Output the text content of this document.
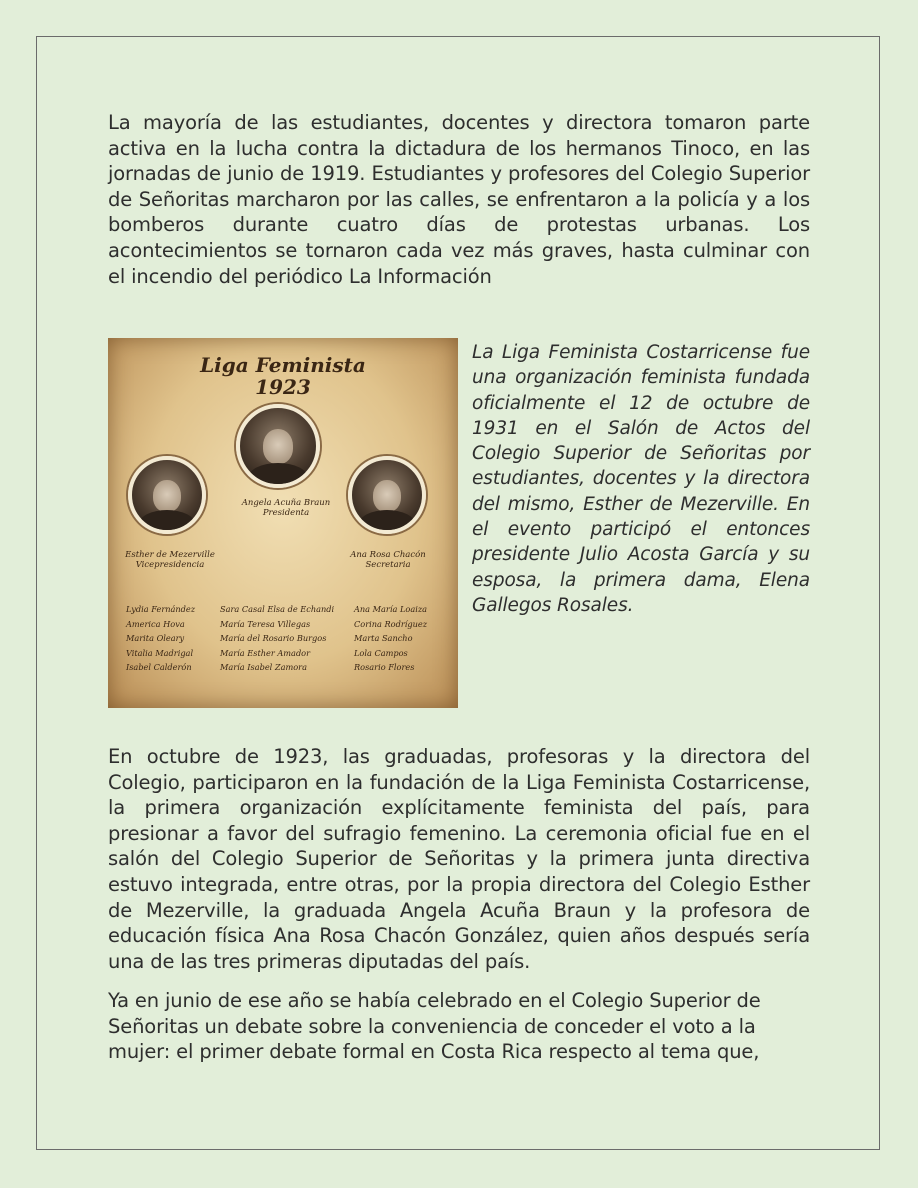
La mayoría de las estudiantes, docentes y directora tomaron parte activa en la lucha contra la dictadura de los hermanos Tinoco, en las jornadas de junio de 1919. Estudiantes y profesores del Colegio Superior de Señoritas marcharon por las calles, se enfrentaron a la policía y a los bomberos durante cuatro días de protestas urbanas. Los acontecimientos se tornaron cada vez más graves, hasta culminar con el incendio del periódico La Información

Liga Feminista
1923
Angela Acuña Braun
Presidenta
Esther de Mezerville
Vicepresidencia
Ana Rosa Chacón
Secretaria
Lydia Fernández
America Hova
Marita Oleary
Vitalia Madrigal
Isabel Calderón
Sara Casal Elsa de Echandi
María Teresa Villegas
María del Rosario Burgos
María Esther Amador
María Isabel Zamora
Ana María Loaiza
Corina Rodríguez
Marta Sancho
Lola Campos
Rosario Flores

La Liga Feminista Costarricense fue una organización feminista fundada oficialmente el 12 de octubre de 1931 en el Salón de Actos del Colegio Superior de Señoritas por estudiantes, docentes y la directora del mismo, Esther de Mezerville. En el evento participó el entonces presidente Julio Acosta García y su esposa, la primera dama, Elena Gallegos Rosales.

En octubre de 1923, las graduadas, profesoras y la directora del Colegio, participaron en la fundación de la Liga Feminista Costarricense, la primera organización explícitamente feminista del país, para presionar a favor del sufragio femenino. La ceremonia oficial fue en el salón del Colegio Superior de Señoritas y la primera junta directiva estuvo integrada, entre otras, por la propia directora del Colegio Esther de Mezerville, la graduada Angela Acuña Braun y la profesora de educación física Ana Rosa Chacón González, quien años después sería una de las tres primeras diputadas del país.

Ya en junio de ese año se había celebrado en el Colegio Superior de Señoritas un debate sobre la conveniencia de conceder el voto a la mujer: el primer debate formal en Costa Rica respecto al tema que,
